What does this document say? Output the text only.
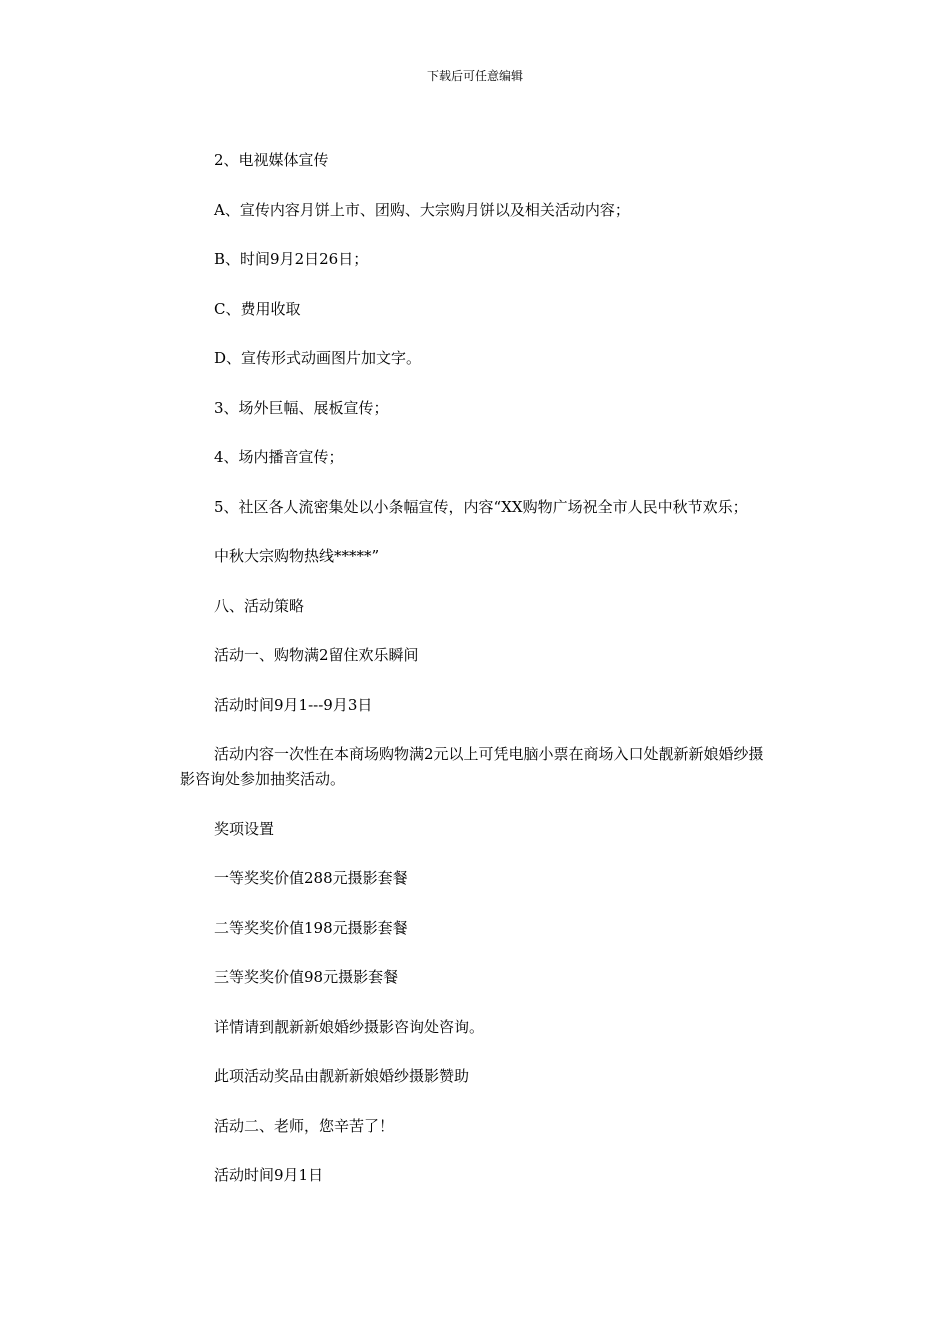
下载后可任意编辑

2、电视媒体宣传

A、宣传内容月饼上市、团购、大宗购月饼以及相关活动内容；

B、时间9月2日26日；

C、费用收取

D、宣传形式动画图片加文字。

3、场外巨幅、展板宣传；

4、场内播音宣传；

5、社区各人流密集处以小条幅宣传，内容“XX购物广场祝全市人民中秋节欢乐；

中秋大宗购物热线*****”

八、活动策略

活动一、购物满2留住欢乐瞬间

活动时间9月1---9月3日

活动内容一次性在本商场购物满2元以上可凭电脑小票在商场入口处靓新新娘婚纱摄影咨询处参加抽奖活动。

奖项设置

一等奖奖价值288元摄影套餐

二等奖奖价值198元摄影套餐

三等奖奖价值98元摄影套餐

详情请到靓新新娘婚纱摄影咨询处咨询。

此项活动奖品由靓新新娘婚纱摄影赞助

活动二、老师，您辛苦了！

活动时间9月1日
